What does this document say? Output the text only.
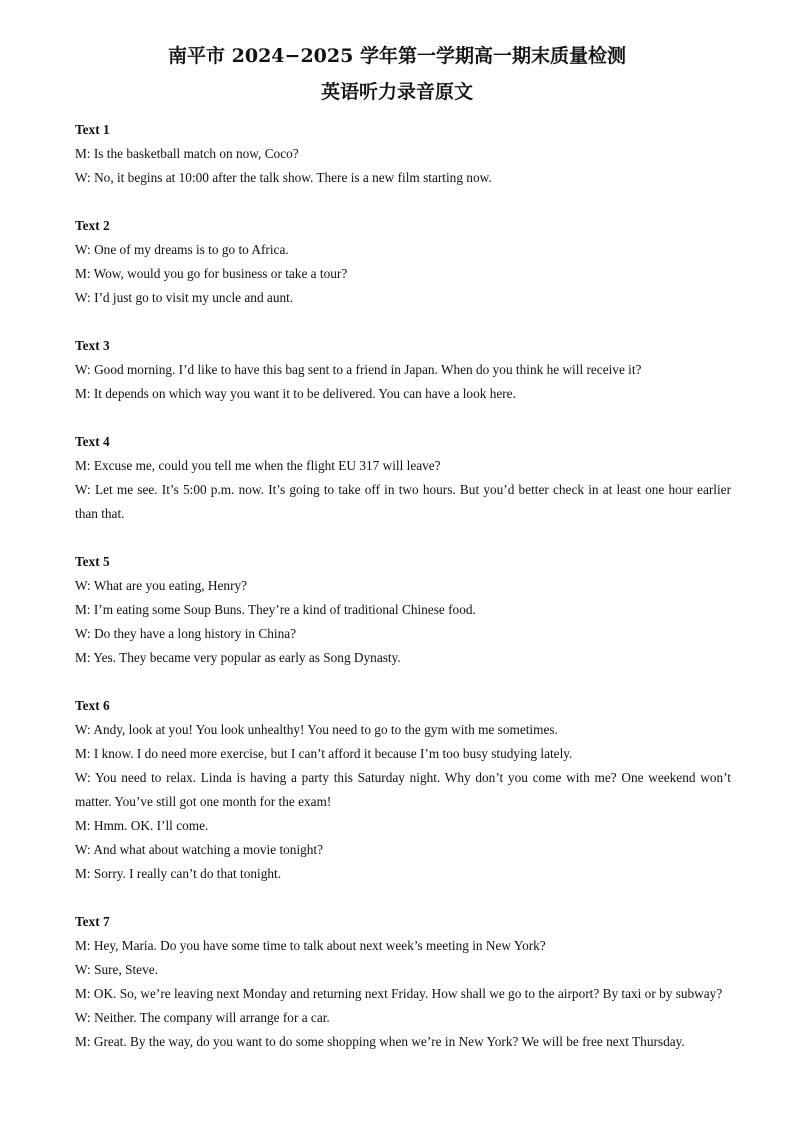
南平市 2024−2025 学年第一学期高一期末质量检测
英语听力录音原文
Text 1
M: Is the basketball match on now, Coco?
W: No, it begins at 10:00 after the talk show. There is a new film starting now.
Text 2
W: One of my dreams is to go to Africa.
M: Wow, would you go for business or take a tour?
W: I’d just go to visit my uncle and aunt.
Text 3
W: Good morning. I’d like to have this bag sent to a friend in Japan. When do you think he will receive it?
M: It depends on which way you want it to be delivered. You can have a look here.
Text 4
M: Excuse me, could you tell me when the flight EU 317 will leave?
W: Let me see. It’s 5:00 p.m. now. It’s going to take off in two hours. But you’d better check in at least one hour earlier than that.
Text 5
W: What are you eating, Henry?
M: I’m eating some Soup Buns. They’re a kind of traditional Chinese food.
W: Do they have a long history in China?
M: Yes. They became very popular as early as Song Dynasty.
Text 6
W: Andy, look at you! You look unhealthy! You need to go to the gym with me sometimes.
M: I know. I do need more exercise, but I can’t afford it because I’m too busy studying lately.
W: You need to relax. Linda is having a party this Saturday night. Why don’t you come with me? One weekend won’t matter. You’ve still got one month for the exam!
M: Hmm. OK. I’ll come.
W: And what about watching a movie tonight?
M: Sorry. I really can’t do that tonight.
Text 7
M: Hey, Maria. Do you have some time to talk about next week’s meeting in New York?
W: Sure, Steve.
M: OK. So, we’re leaving next Monday and returning next Friday. How shall we go to the airport? By taxi or by subway?
W: Neither. The company will arrange for a car.
M: Great. By the way, do you want to do some shopping when we’re in New York? We will be free next Thursday.
